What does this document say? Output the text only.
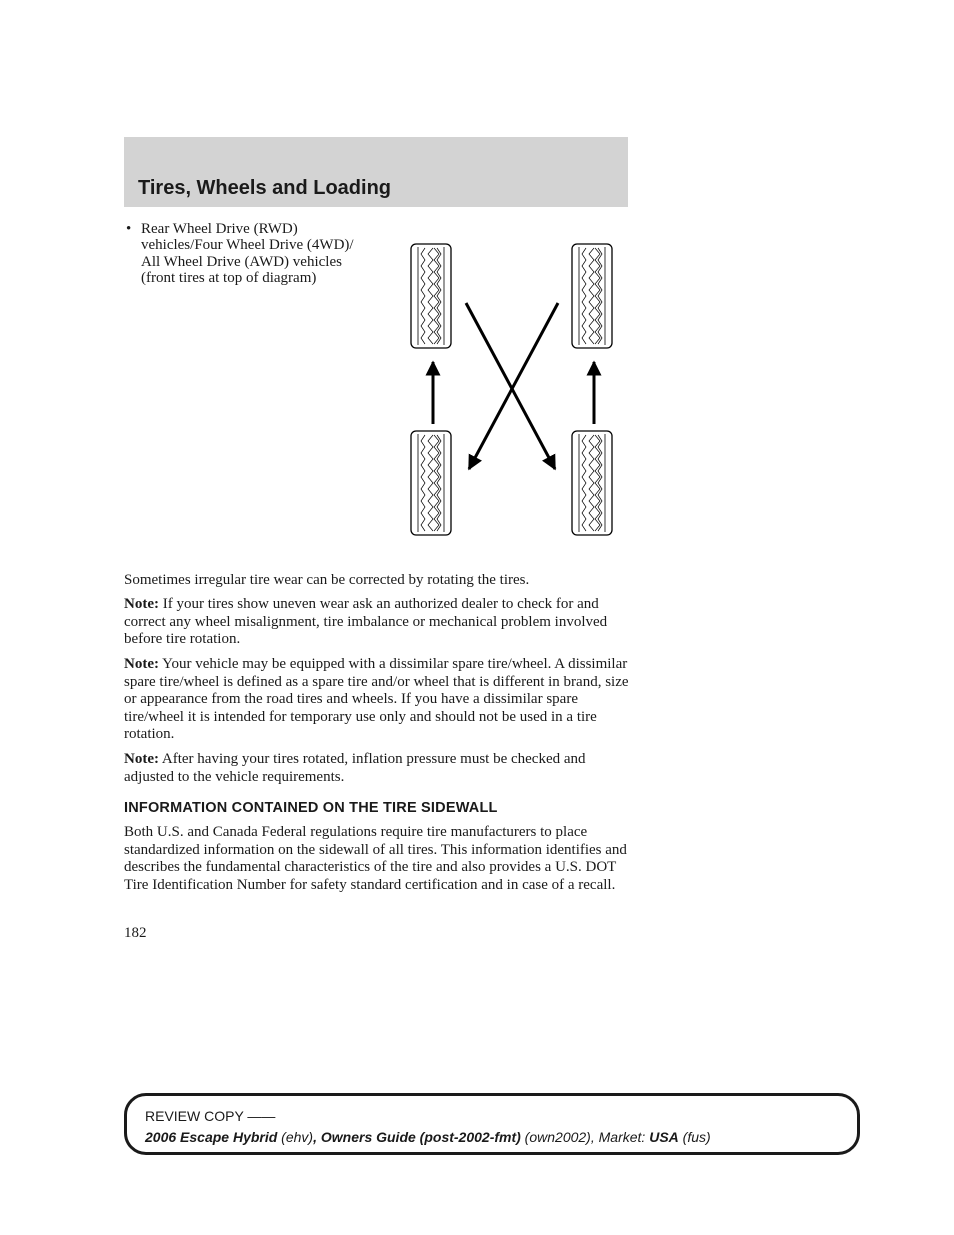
Tires, Wheels and Loading
• Rear Wheel Drive (RWD) vehicles/Four Wheel Drive (4WD)/ All Wheel Drive (AWD) vehicles (front tires at top of diagram)

Sometimes irregular tire wear can be corrected by rotating the tires.

Note: If your tires show uneven wear ask an authorized dealer to check for and correct any wheel misalignment, tire imbalance or mechanical problem involved before tire rotation.

Note: Your vehicle may be equipped with a dissimilar spare tire/wheel. A dissimilar spare tire/wheel is defined as a spare tire and/or wheel that is different in brand, size or appearance from the road tires and wheels. If you have a dissimilar spare tire/wheel it is intended for temporary use only and should not be used in a tire rotation.

Note: After having your tires rotated, inflation pressure must be checked and adjusted to the vehicle requirements.

INFORMATION CONTAINED ON THE TIRE SIDEWALL

Both U.S. and Canada Federal regulations require tire manufacturers to place standardized information on the sidewall of all tires. This information identifies and describes the fundamental characteristics of the tire and also provides a U.S. DOT Tire Identification Number for safety standard certification and in case of a recall.

182
REVIEW COPY ——
2006 Escape Hybrid (ehv), Owners Guide (post-2002-fmt) (own2002), Market: USA (fus)
